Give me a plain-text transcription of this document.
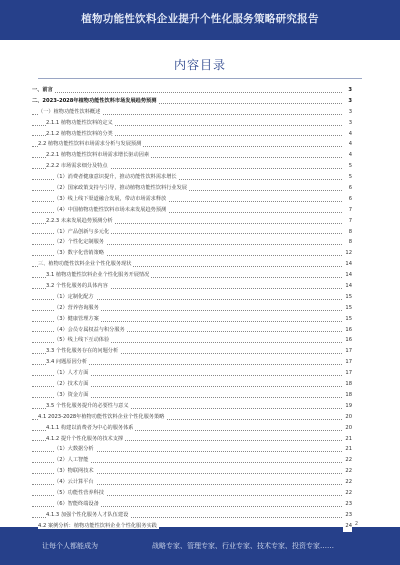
植物功能性饮料企业提升个性化服务策略研究报告
内容目录
一、前言	3
二、2023-2028年植物功能性饮料市场发展趋势预测	3
（一）植物功能性饮料概述	3
2.1.1 植物功能性饮料的定义	3
2.1.2 植物功能性饮料的分类	4
2.2 植物功能性饮料市场需求分析与发展预测	4
2.2.1 植物功能性饮料市场需求增长驱动因素	4
2.2.2 市场需求细分及特点	5
（1）消费者健康意识提升，推动功能性饮料需求增长	5
（2）国家政策支持与引导，推动植物功能性饮料行业发展	6
（3）线上线下渠道融合发展，带动市场需求释放	6
（4）中国植物功能性饮料市场未来发展趋势预测	7
2.2.3 未来发展趋势预测分析	7
（1）产品创新与多元化	8
（2）个性化定制服务	8
（3）数字化营销策略	12
三、植物功能性饮料企业个性化服务现状	14
3.1 植物功能性饮料企业个性化服务开展情况	14
3.2 个性化服务的具体内容	14
（1）定制化配方	15
（2）营养咨询服务	15
（3）健康管理方案	15
（4）会员专属权益与积分服务	16
（5）线上线下互动体验	16
3.3 个性化服务存在的问题分析	17
3.4 问题原因分析	17
（1）人才方面	17
（2）技术方面	18
（3）资金方面	18
3.5 个性化服务提升的必要性与意义	19
4.1 2023-2028年植物功能性饮料企业个性化服务策略	20
4.1.1 构建以消费者为中心的服务体系	20
4.1.2 提升个性化服务的技术支撑	21
（1）大数据分析	21
（2）人工智能	22
（3）物联网技术	22
（4）云计算平台	22
（5）功能性营养科技	22
（6）智能终端设备	23
4.1.3 加强个性化服务人才队伍建设	23
4.2 案例分析：植物功能性饮料企业个性化服务实践	24 2
让每个人都能成为	战略专家、管理专家、行业专家、技术专家、投资专家……
